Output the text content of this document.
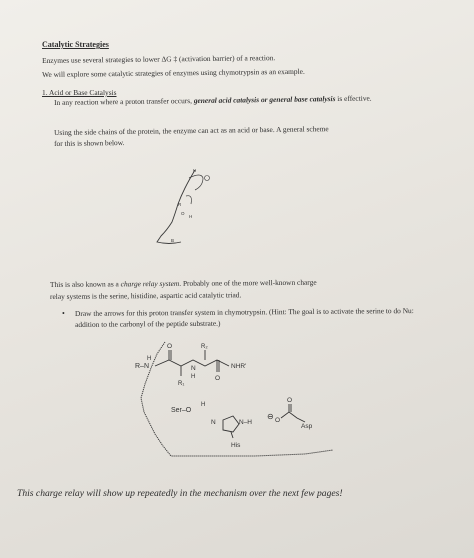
Catalytic Strategies
Enzymes use several strategies to lower ΔG ‡ (activation barrier) of a reaction.
We will explore some catalytic strategies of enzymes using chymotrypsin as an example.
1. Acid or Base Catalysis
In any reaction where a proton transfer occurs, general acid catalysis or general base catalysis is effective.
Using the side chains of the protein, the enzyme can act as an acid or base. A general scheme
for this is shown below.
H
R
O
H
B
This is also known as a charge relay system. Probably one of the more well-known charge
relay systems is the serine, histidine, aspartic acid catalytic triad.
• Draw the arrows for this proton transfer system in chymotrypsin. (Hint: The goal is to activate the serine to do Nu: addition to the carbonyl of the peptide substrate.)
R–N
H
O
R₁
N
H
R₂
O
NHR'
Ser–O
H
N	N–H
His
⊖ O
O
Asp
This charge relay will show up repeatedly in the mechanism over the next few pages!
